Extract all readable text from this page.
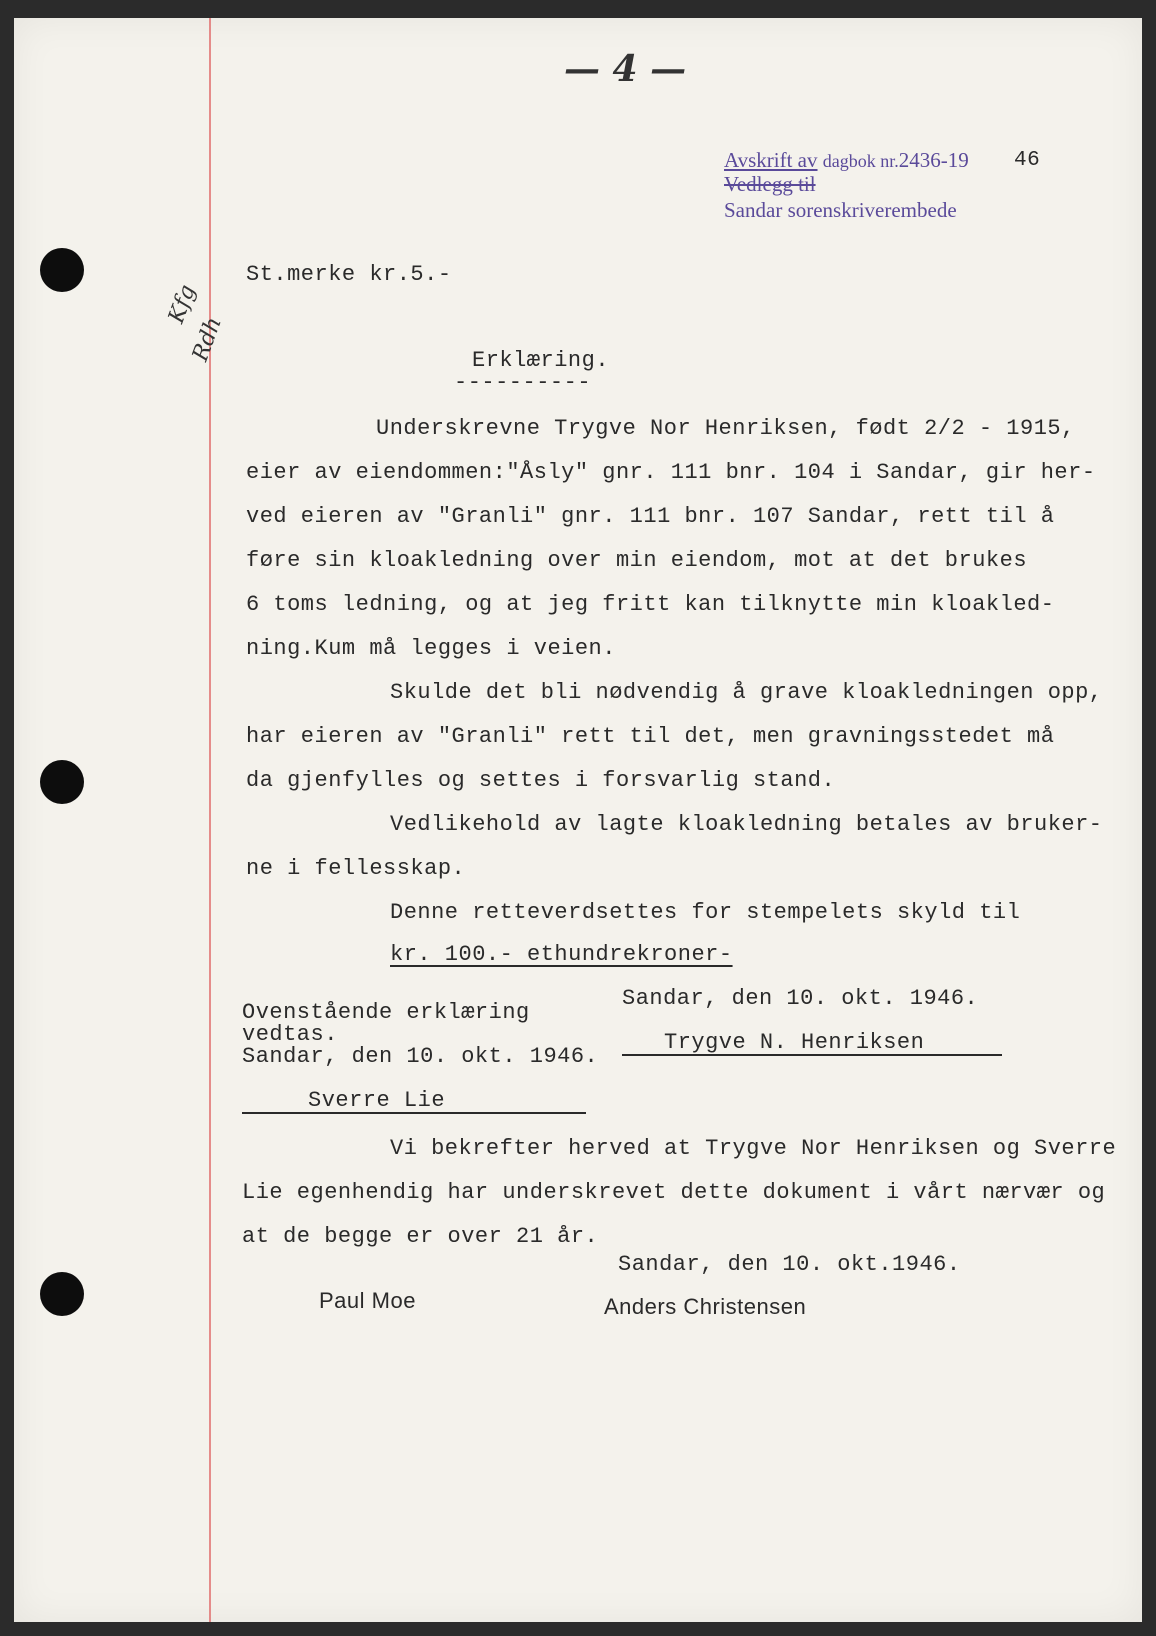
— 4 —
Avskrift av dagbok nr.2436-19 46
Vedlegg til
Sandar sorenskriverembede
St.merke kr.5.-
Kfg
Rdh	Erklæring.
----------
Underskrevne Trygve Nor Henriksen, født 2/2 - 1915,
eier av eiendommen:"Åsly" gnr. 111 bnr. 104 i Sandar, gir her-
ved eieren av "Granli" gnr. 111 bnr. 107 Sandar, rett til å
føre sin kloakledning over min eiendom, mot at det brukes
6 toms ledning, og at jeg fritt kan tilknytte min kloakled-
ning.Kum må legges i veien.
Skulde det bli nødvendig å grave kloakledningen opp,
har eieren av "Granli" rett til det, men gravningsstedet må
da gjenfylles og settes i forsvarlig stand.
Vedlikehold av lagte kloakledning betales av bruker-
ne i fellesskap.
Denne retteverdsettes for stempelets skyld til
kr. 100.- ethundrekroner-
Sandar, den 10. okt. 1946.
Ovenstående erklæring
vedtas.
Sandar, den 10. okt. 1946.
Trygve N. Henriksen
Sverre Lie
Vi bekrefter herved at Trygve Nor Henriksen og Sverre
Lie egenhendig har underskrevet dette dokument i vårt nærvær og
at de begge er over 21 år.
Sandar, den 10. okt.1946.
Paul Moe	Anders Christensen
